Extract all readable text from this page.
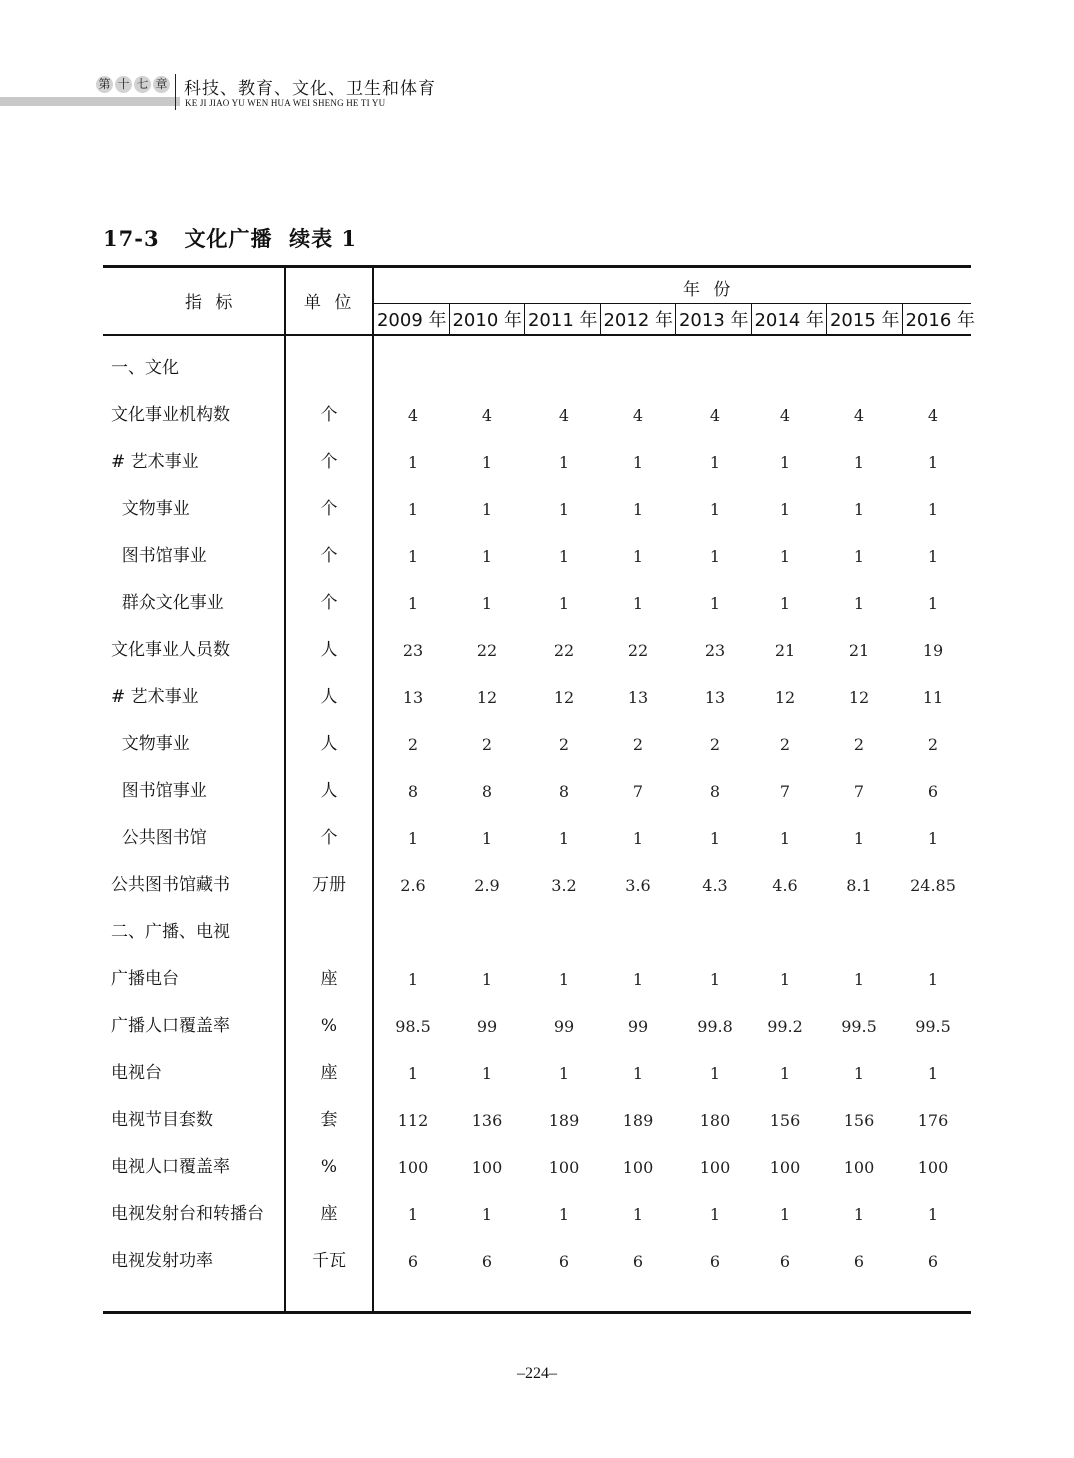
第 十 七 章 科技、教育、文化、卫生和体育
KE JI JIAO YU WEN HUA WEI SHENG HE TI YU
17-3   文化广播  续表 1
指 标	单 位
年 份
2009 年 2010 年 2011 年 2012 年 2013 年 2014 年 2015 年 2016 年
一、文化
文化事业机构数	个	4	4	4	4	4	4	4	4
# 艺术事业	个	1	1	1	1	1	1	1	1
文物事业	个	1	1	1	1	1	1	1	1
图书馆事业	个	1	1	1	1	1	1	1	1
群众文化事业	个	1	1	1	1	1	1	1	1
文化事业人员数	人	23	22	22	22	23	21	21	19
# 艺术事业	人	13	12	12	13	13	12	12	11
文物事业	人	2	2	2	2	2	2	2	2
图书馆事业	人	8	8	8	7	8	7	7	6
公共图书馆	个	1	1	1	1	1	1	1	1
公共图书馆藏书	万册	2.6	2.9	3.2	3.6	4.3	4.6	8.1	24.85
二、广播、电视
广播电台	座	1	1	1	1	1	1	1	1
广播人口覆盖率	%	98.5	99	99	99	99.8	99.2	99.5	99.5
电视台	座	1	1	1	1	1	1	1	1
电视节目套数	套	112	136	189	189	180	156	156	176
电视人口覆盖率	%	100	100	100	100	100	100	100	100
电视发射台和转播台	座	1	1	1	1	1	1	1	1
电视发射功率	千瓦	6	6	6	6	6	6	6	6
–224–
